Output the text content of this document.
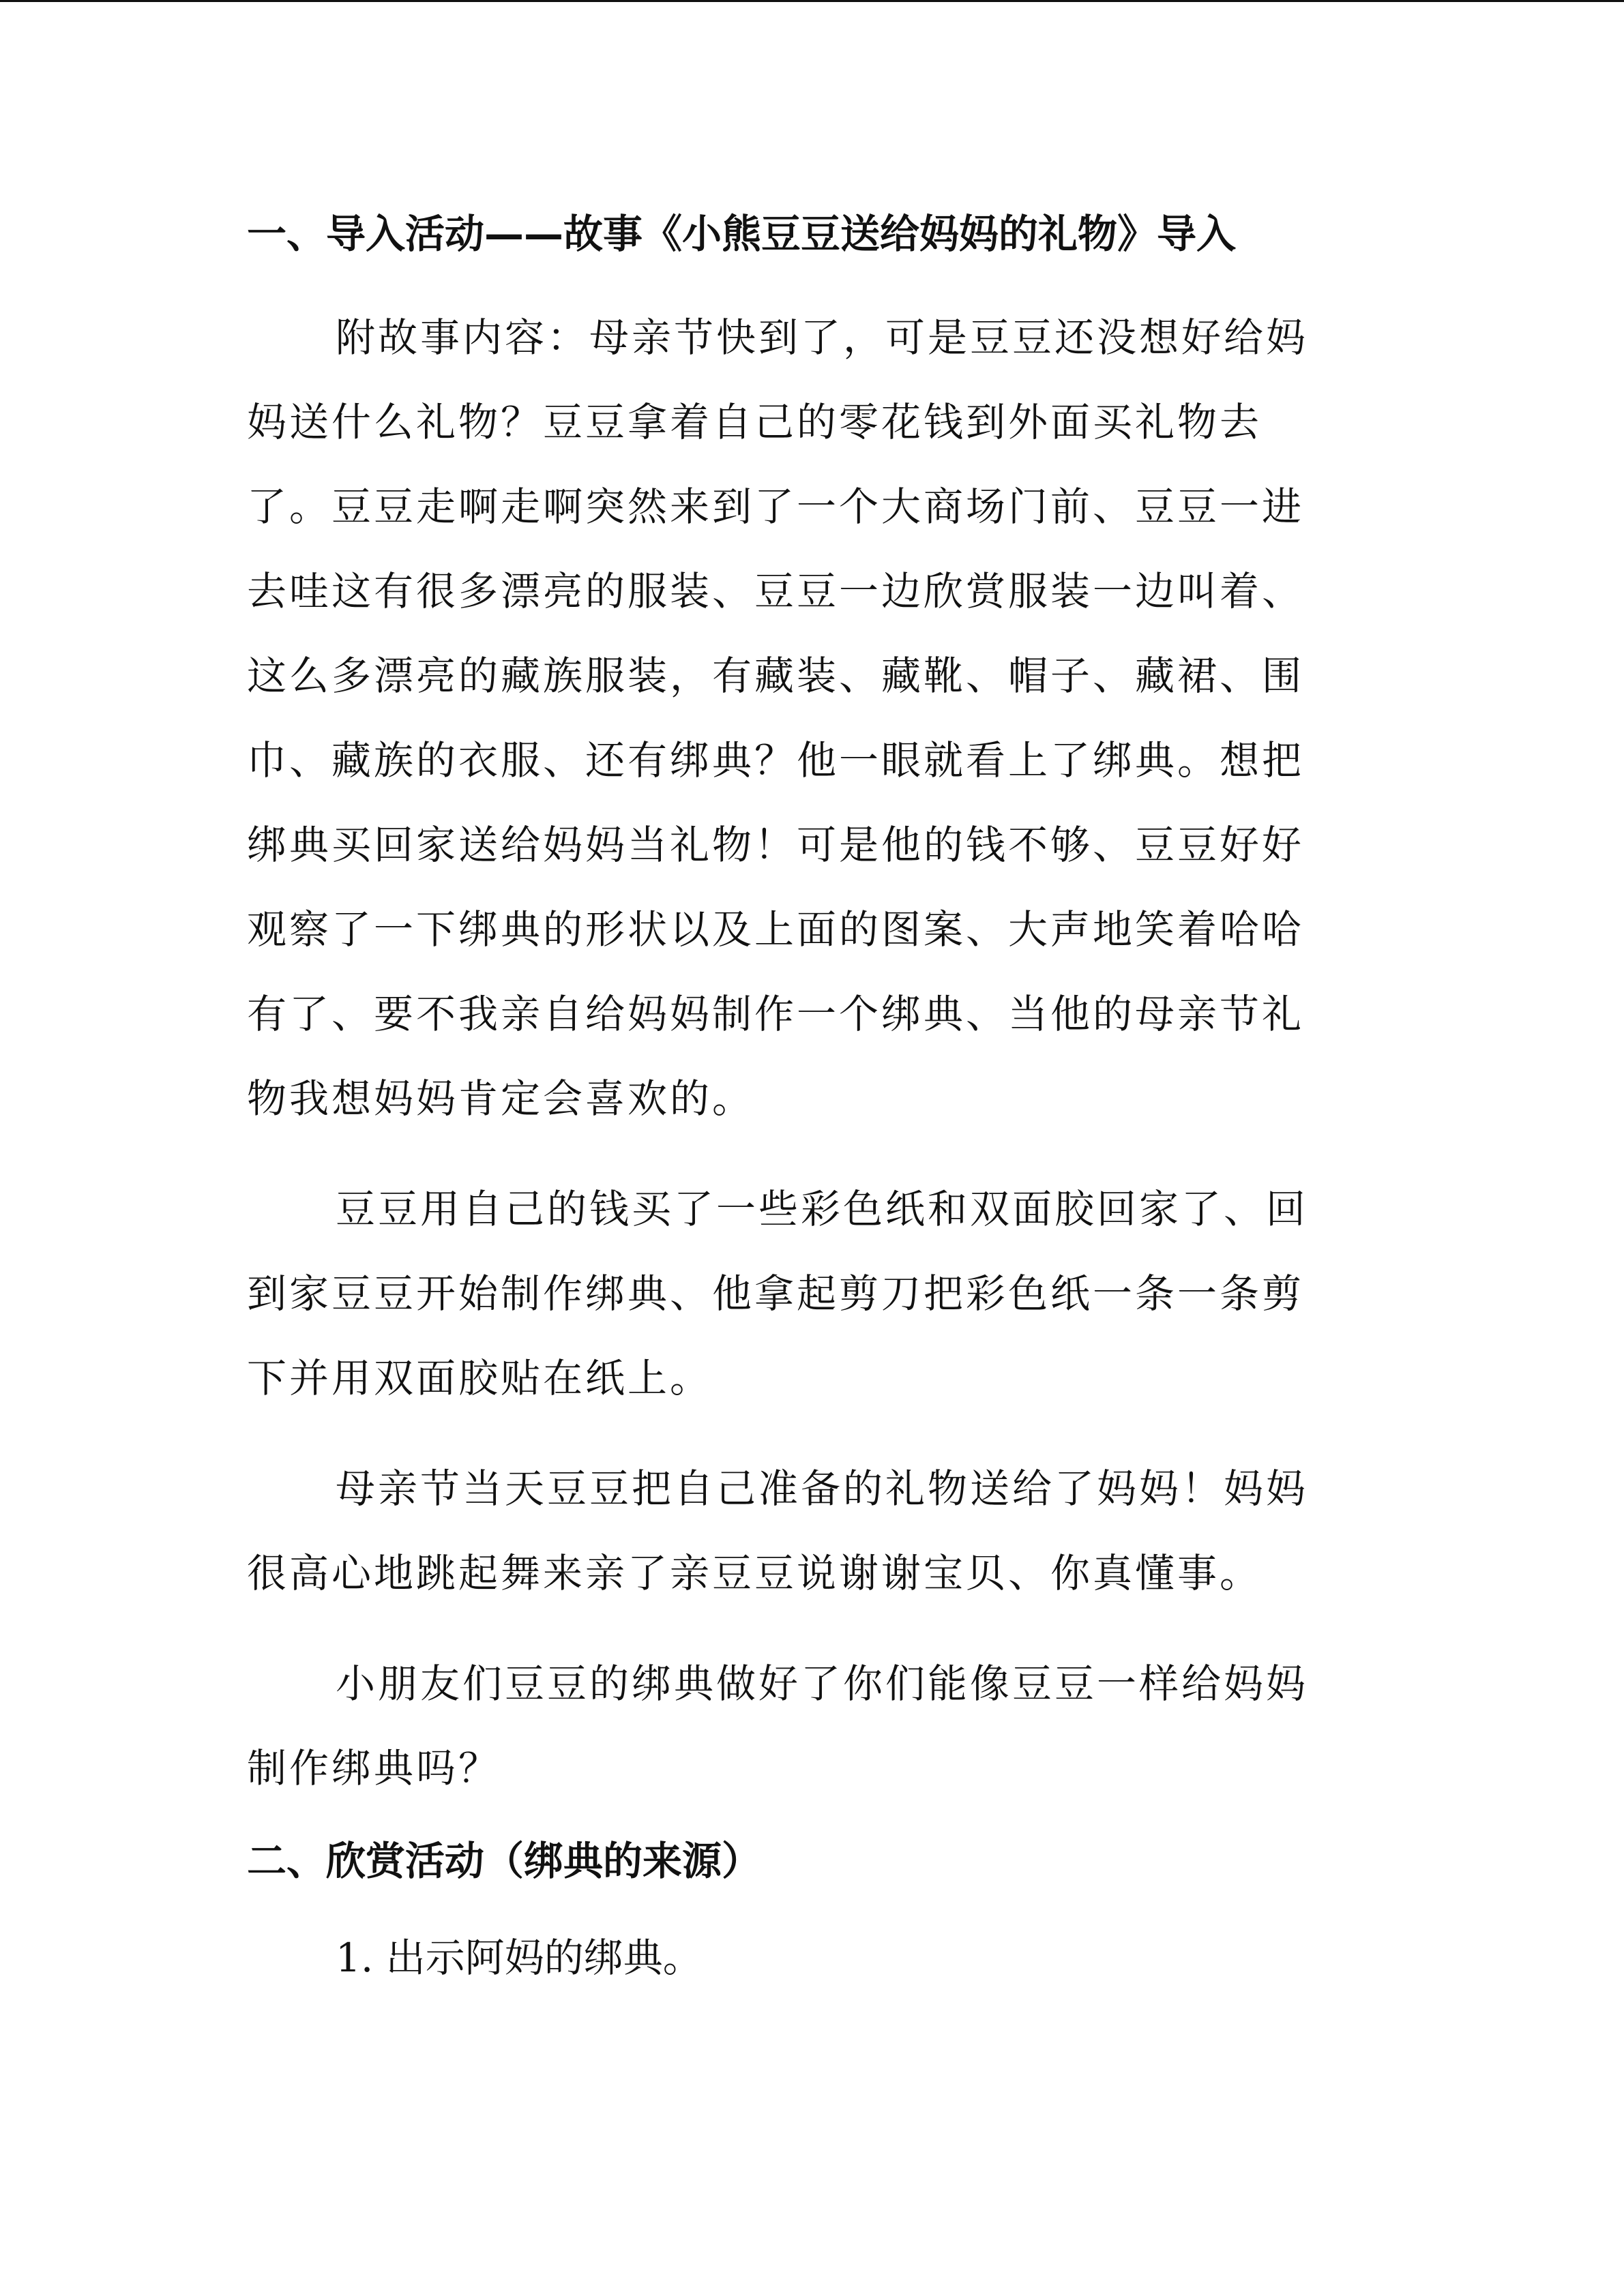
一、导入活动——故事《小熊豆豆送给妈妈的礼物》导入

附故事内容：母亲节快到了，可是豆豆还没想好给妈妈送什么礼物？豆豆拿着自己的零花钱到外面买礼物去了。豆豆走啊走啊突然来到了一个大商场门前、豆豆一进去哇这有很多漂亮的服装、豆豆一边欣赏服装一边叫着、这么多漂亮的藏族服装，有藏装、藏靴、帽子、藏裙、围巾、藏族的衣服、还有绑典？他一眼就看上了绑典。想把绑典买回家送给妈妈当礼物！可是他的钱不够、豆豆好好观察了一下绑典的形状以及上面的图案、大声地笑着哈哈有了、要不我亲自给妈妈制作一个绑典、当他的母亲节礼物我想妈妈肯定会喜欢的。

豆豆用自己的钱买了一些彩色纸和双面胶回家了、回到家豆豆开始制作绑典、他拿起剪刀把彩色纸一条一条剪下并用双面胶贴在纸上。

母亲节当天豆豆把自己准备的礼物送给了妈妈！妈妈很高心地跳起舞来亲了亲豆豆说谢谢宝贝、你真懂事。

小朋友们豆豆的绑典做好了你们能像豆豆一样给妈妈制作绑典吗？

二、欣赏活动（绑典的来源）

1. 出示阿妈的绑典。
